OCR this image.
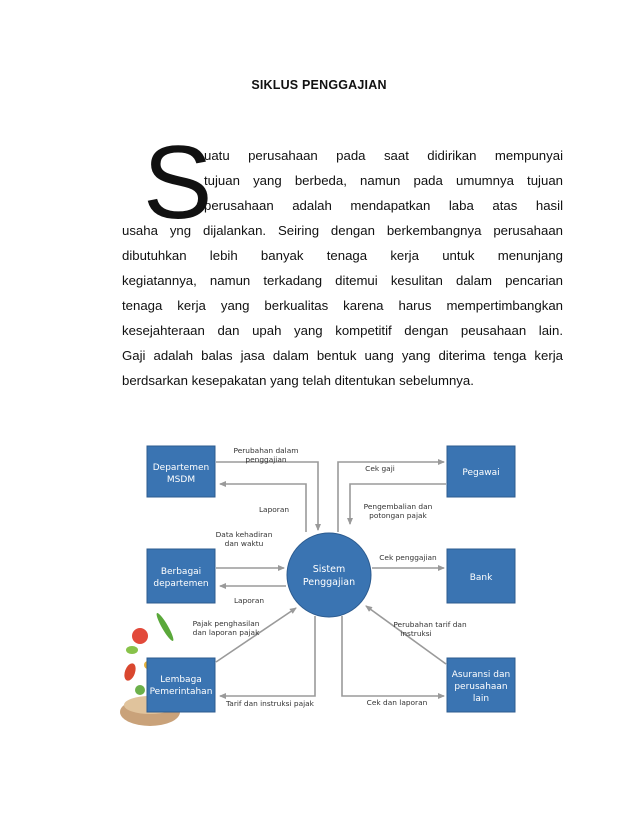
SIKLUS PENGGAJIAN
S
uatu perusahaan pada saat didirikan mempunyai
tujuan yang berbeda, namun pada umumnya tujuan
perusahaan adalah mendapatkan laba atas hasil
usaha yng dijalankan. Seiring dengan berkembangnya perusahaan
dibutuhkan lebih banyak tenaga kerja untuk menunjang
kegiatannya, namun terkadang ditemui kesulitan dalam pencarian
tenaga kerja yang berkualitas karena harus mempertimbangkan
kesejahteraan dan upah yang kompetitif dengan peusahaan lain.
Gaji adalah balas jasa dalam bentuk uang yang diterima tenga kerja
berdsarkan kesepakatan yang telah ditentukan sebelumnya.
Departemen
MSDM
Berbagai
departemen
Lembaga
Pemerintahan
Pegawai
Bank
Asuransi dan
perusahaan
lain
Sistem
Penggajian
Perubahan dalam
penggajian
Laporan
Data kehadiran
dan waktu
Laporan
Pajak penghasilan
dan laporan pajak
Tarif dan instruksi pajak
Cek gaji
Pengembalian dan
potongan pajak
Cek penggajian
Perubahan tarif dan
instruksi
Cek dan laporan
